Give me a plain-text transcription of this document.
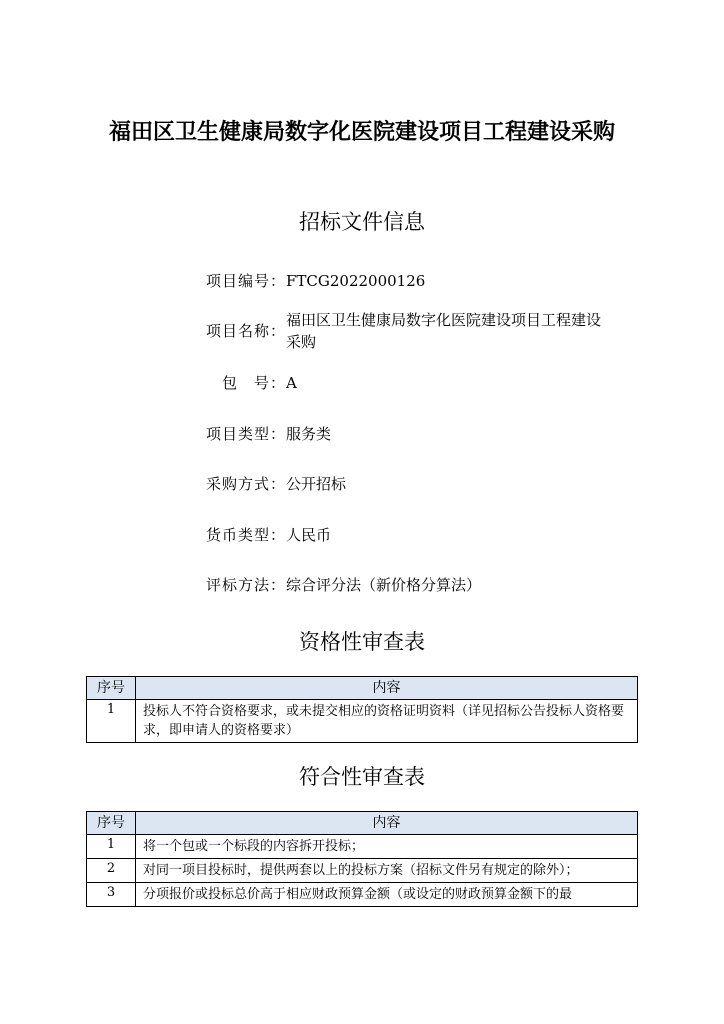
福田区卫生健康局数字化医院建设项目工程建设采购
招标文件信息
项目编号： FTCG2022000126
项目名称：
福田区卫生健康局数字化医院建设项目工程建设采购
包　号： A
项目类型： 服务类
采购方式： 公开招标
货币类型： 人民币
评标方法： 综合评分法（新价格分算法）
资格性审查表
序号	内容
1	投标人不符合资格要求，或未提交相应的资格证明资料（详见招标公告投标人资格要求，即申请人的资格要求）
符合性审查表
序号	内容
1	将一个包或一个标段的内容拆开投标；
2	对同一项目投标时，提供两套以上的投标方案（招标文件另有规定的除外）；
3	分项报价或投标总价高于相应财政预算金额（或设定的财政预算金额下的最
